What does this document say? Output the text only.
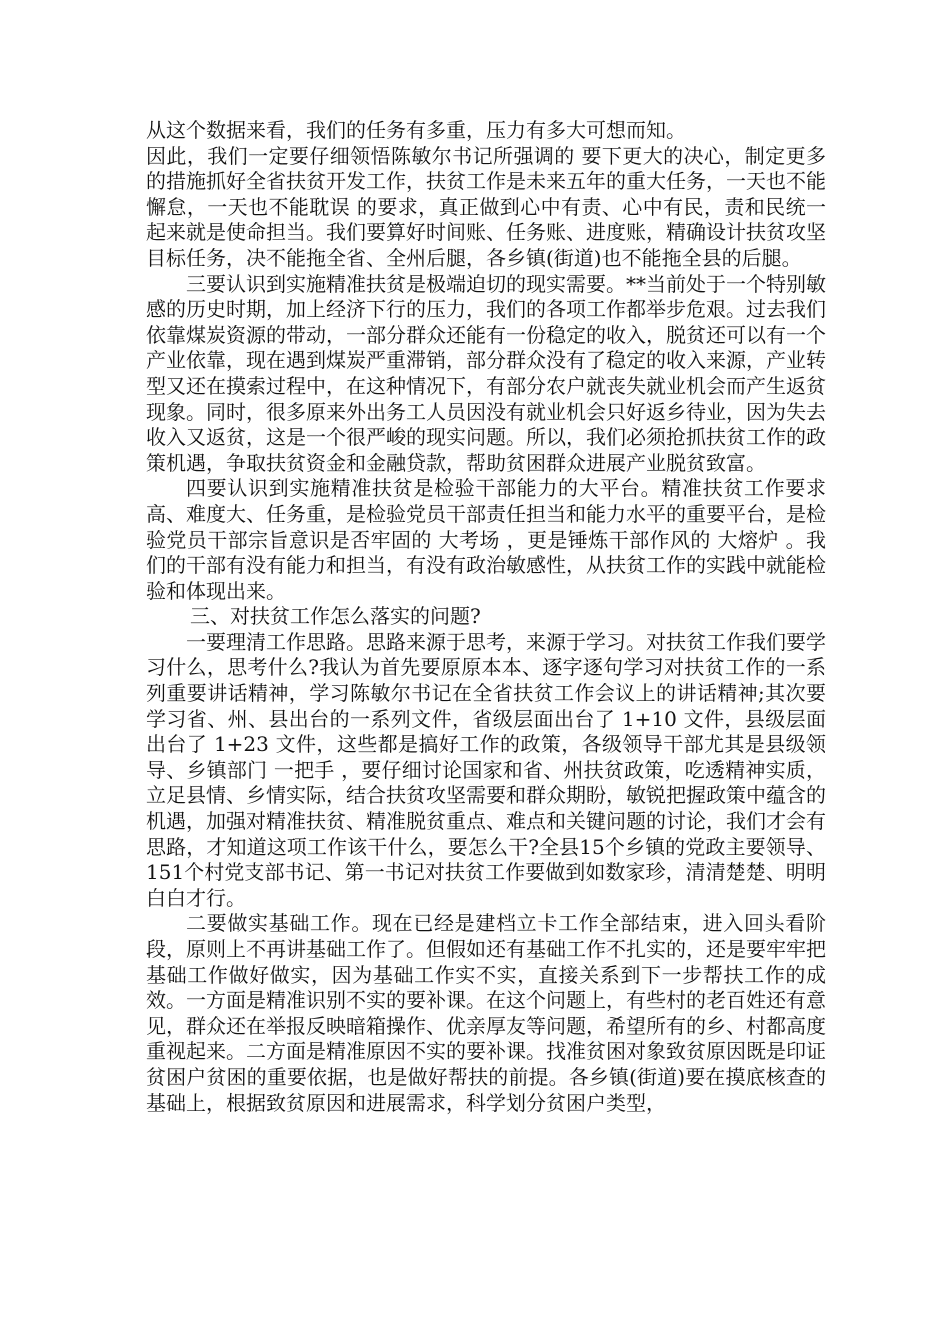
从这个数据来看，我们的任务有多重，压力有多大可想而知。

因此，我们一定要仔细领悟陈敏尔书记所强调的 要下更大的决心，制定更多的措施抓好全省扶贫开发工作，扶贫工作是未来五年的重大任务，一天也不能懈怠，一天也不能耽误 的要求，真正做到心中有责、心中有民，责和民统一起来就是使命担当。我们要算好时间账、任务账、进度账，精确设计扶贫攻坚目标任务，决不能拖全省、全州后腿，各乡镇(街道)也不能拖全县的后腿。

三要认识到实施精准扶贫是极端迫切的现实需要。**当前处于一个特别敏感的历史时期，加上经济下行的压力，我们的各项工作都举步危艰。过去我们依靠煤炭资源的带动，一部分群众还能有一份稳定的收入，脱贫还可以有一个产业依靠，现在遇到煤炭严重滞销，部分群众没有了稳定的收入来源，产业转型又还在摸索过程中，在这种情况下，有部分农户就丧失就业机会而产生返贫现象。同时，很多原来外出务工人员因没有就业机会只好返乡待业，因为失去收入又返贫，这是一个很严峻的现实问题。所以，我们必须抢抓扶贫工作的政策机遇，争取扶贫资金和金融贷款，帮助贫困群众进展产业脱贫致富。

四要认识到实施精准扶贫是检验干部能力的大平台。精准扶贫工作要求高、难度大、任务重，是检验党员干部责任担当和能力水平的重要平台，是检验党员干部宗旨意识是否牢固的 大考场 ，更是锤炼干部作风的 大熔炉 。我们的干部有没有能力和担当，有没有政治敏感性，从扶贫工作的实践中就能检验和体现出来。

三、对扶贫工作怎么落实的问题?

一要理清工作思路。思路来源于思考，来源于学习。对扶贫工作我们要学习什么，思考什么?我认为首先要原原本本、逐字逐句学习对扶贫工作的一系列重要讲话精神，学习陈敏尔书记在全省扶贫工作会议上的讲话精神;其次要学习省、州、县出台的一系列文件，省级层面出台了 1+10 文件，县级层面出台了 1+23 文件，这些都是搞好工作的政策，各级领导干部尤其是县级领导、乡镇部门 一把手 ，要仔细讨论国家和省、州扶贫政策，吃透精神实质，立足县情、乡情实际，结合扶贫攻坚需要和群众期盼，敏锐把握政策中蕴含的机遇，加强对精准扶贫、精准脱贫重点、难点和关键问题的讨论，我们才会有思路，才知道这项工作该干什么，要怎么干?全县15个乡镇的党政主要领导、151个村党支部书记、第一书记对扶贫工作要做到如数家珍，清清楚楚、明明白白才行。

二要做实基础工作。现在已经是建档立卡工作全部结束，进入回头看阶段，原则上不再讲基础工作了。但假如还有基础工作不扎实的，还是要牢牢把基础工作做好做实，因为基础工作实不实，直接关系到下一步帮扶工作的成效。一方面是精准识别不实的要补课。在这个问题上，有些村的老百姓还有意见，群众还在举报反映暗箱操作、优亲厚友等问题，希望所有的乡、村都高度重视起来。二方面是精准原因不实的要补课。找准贫困对象致贫原因既是印证贫困户贫困的重要依据，也是做好帮扶的前提。各乡镇(街道)要在摸底核查的基础上，根据致贫原因和进展需求，科学划分贫困户类型，
